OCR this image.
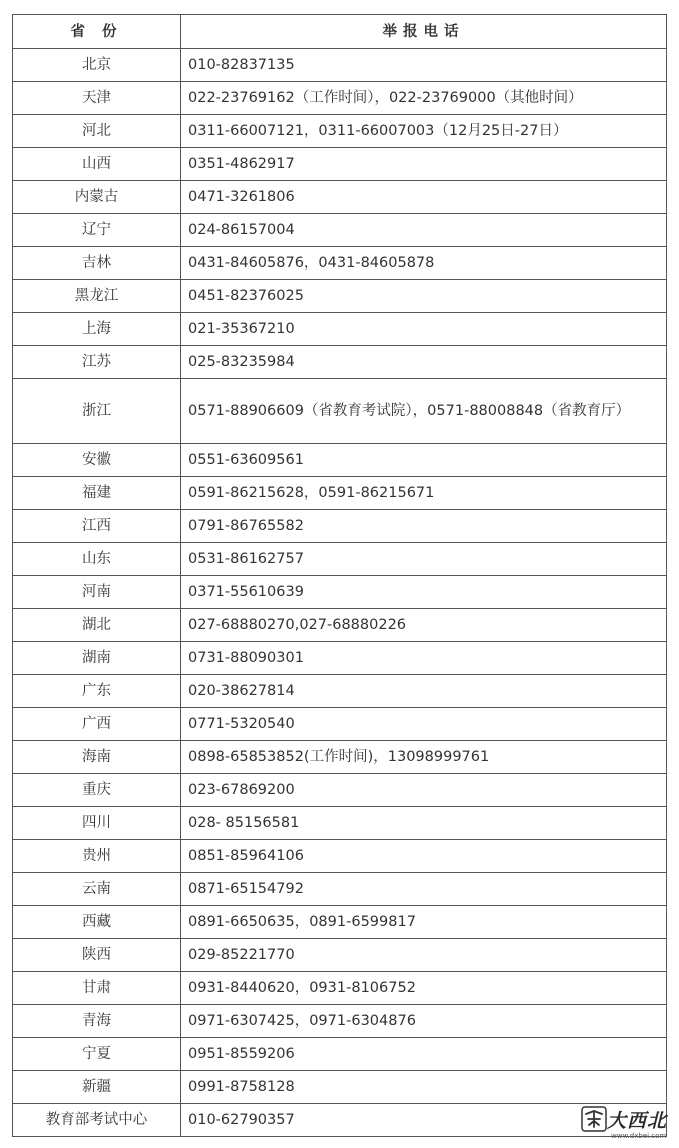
省 份	举报电话
北京	010-82837135
天津	022-23769162（工作时间），022-23769000（其他时间）
河北	0311-66007121，0311-66007003（12月25日-27日）
山西	0351-4862917
内蒙古	0471-3261806
辽宁	024-86157004
吉林	0431-84605876，0431-84605878
黑龙江	0451-82376025
上海	021-35367210
江苏	025-83235984
浙江	0571-88906609（省教育考试院），0571-88008848（省教育厅）
安徽	0551-63609561
福建	0591-86215628，0591-86215671
江西	0791-86765582
山东	0531-86162757
河南	0371-55610639
湖北	027-68880270,027-68880226
湖南	0731-88090301
广东	020-38627814
广西	0771-5320540
海南	0898-65853852(工作时间)，13098999761
重庆	023-67869200
四川	028- 85156581
贵州	0851-85964106
云南	0871-65154792
西藏	0891-6650635，0891-6599817
陕西	029-85221770
甘肃	0931-8440620，0931-8106752
青海	0971-6307425，0971-6304876
宁夏	0951-8559206
新疆	0991-8758128
教育部考试中心	010-62790357	大西北
www.dxbei.com
